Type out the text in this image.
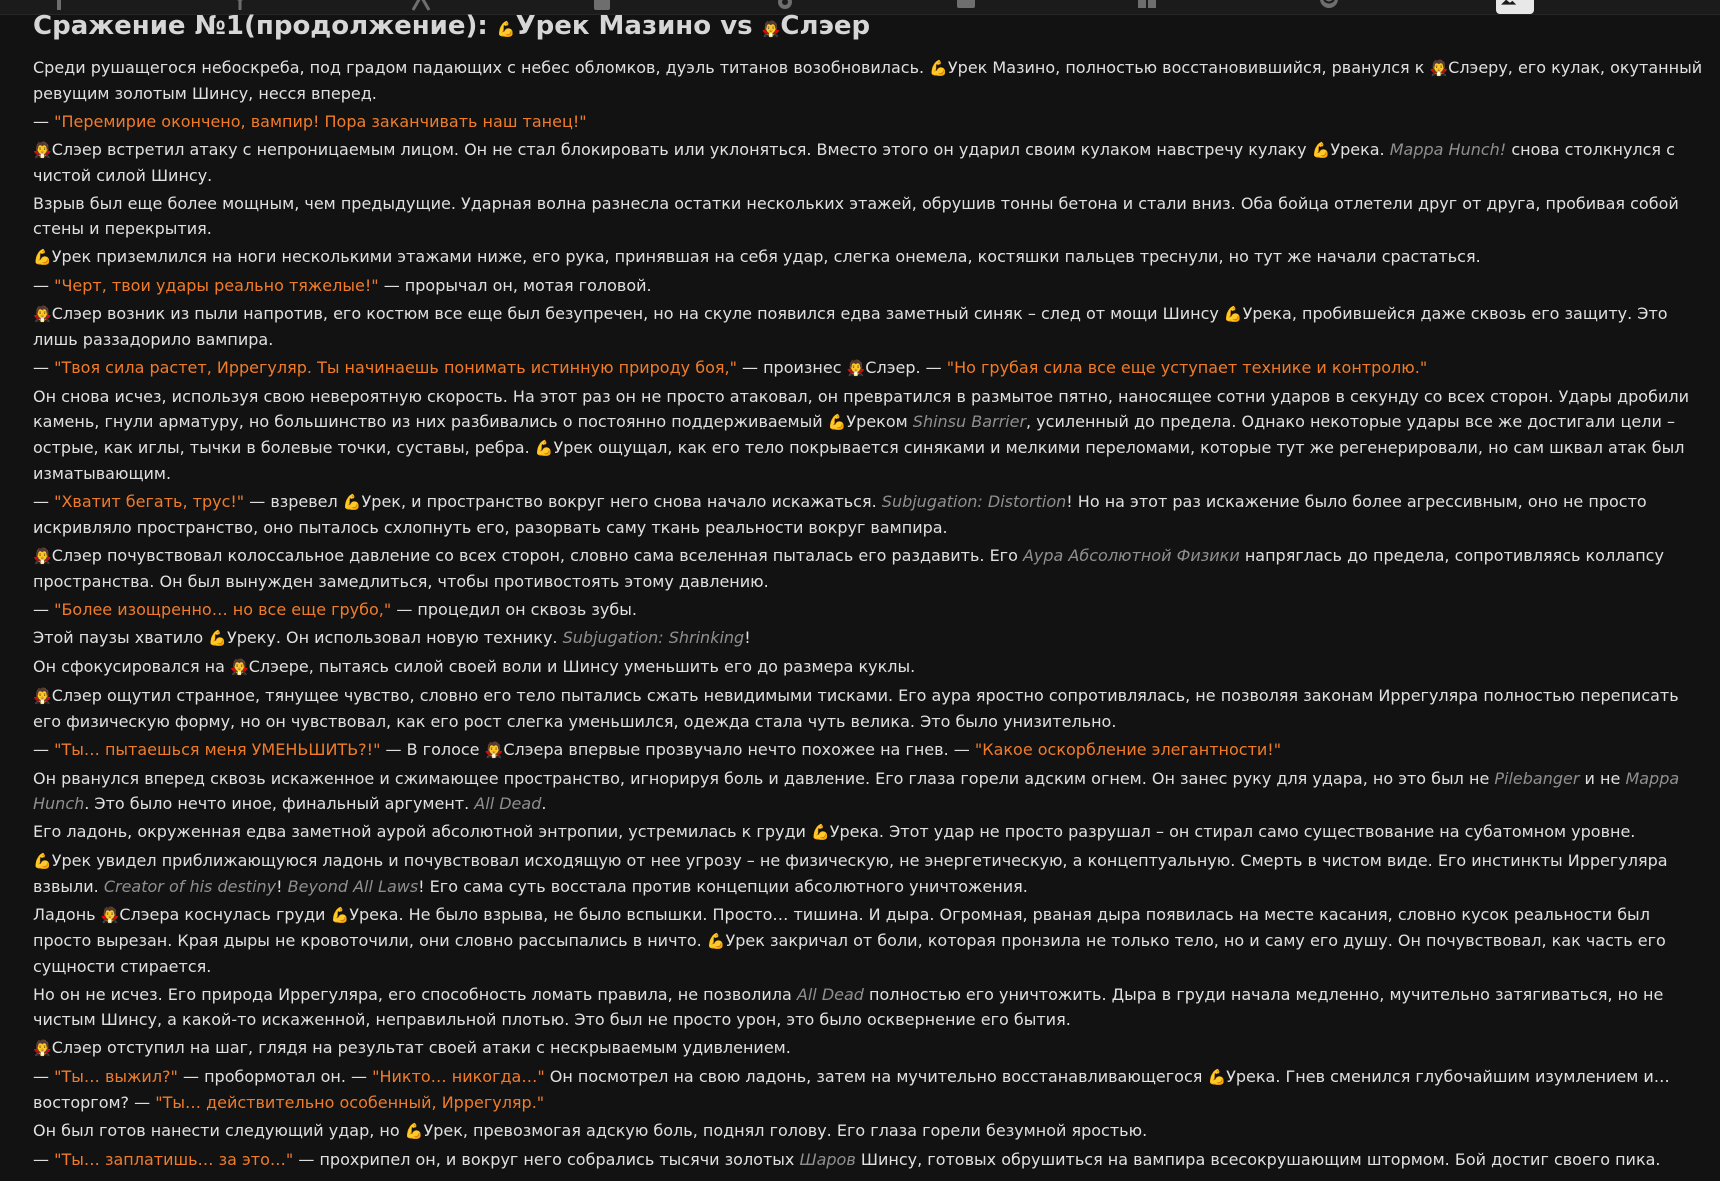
Сражение №1(продолжение): 💪Урек Мазино vs 🧛Слэер

Среди рушащегося небоскреба, под градом падающих с небес обломков, дуэль титанов возобновилась. 💪Урек Мазино, полностью восстановившийся, рванулся к 🧛Слэеру, его кулак, окутанный ревущим золотым Шинсу, несся вперед.

— "Перемирие окончено, вампир! Пора заканчивать наш танец!"

🧛Слэер встретил атаку с непроницаемым лицом. Он не стал блокировать или уклоняться. Вместо этого он ударил своим кулаком навстречу кулаку 💪Урека. Mappa Hunch! снова столкнулся с чистой силой Шинсу.

Взрыв был еще более мощным, чем предыдущие. Ударная волна разнесла остатки нескольких этажей, обрушив тонны бетона и стали вниз. Оба бойца отлетели друг от друга, пробивая собой стены и перекрытия.

💪Урек приземлился на ноги несколькими этажами ниже, его рука, принявшая на себя удар, слегка онемела, костяшки пальцев треснули, но тут же начали срастаться.

— "Черт, твои удары реально тяжелые!" — прорычал он, мотая головой.

🧛Слэер возник из пыли напротив, его костюм все еще был безупречен, но на скуле появился едва заметный синяк – след от мощи Шинсу 💪Урека, пробившейся даже сквозь его защиту. Это лишь раззадорило вампира.

— "Твоя сила растет, Иррегуляр. Ты начинаешь понимать истинную природу боя," — произнес 🧛Слэер. — "Но грубая сила все еще уступает технике и контролю."

Он снова исчез, используя свою невероятную скорость. На этот раз он не просто атаковал, он превратился в размытое пятно, наносящее сотни ударов в секунду со всех сторон. Удары дробили камень, гнули арматуру, но большинство из них разбивались о постоянно поддерживаемый 💪Уреком Shinsu Barrier, усиленный до предела. Однако некоторые удары все же достигали цели – острые, как иглы, тычки в болевые точки, суставы, ребра. 💪Урек ощущал, как его тело покрывается синяками и мелкими переломами, которые тут же регенерировали, но сам шквал атак был изматывающим.

— "Хватит бегать, трус!" — взревел 💪Урек, и пространство вокруг него снова начало искажаться. Subjugation: Distortion! Но на этот раз искажение было более агрессивным, оно не просто искривляло пространство, оно пыталось схлопнуть его, разорвать саму ткань реальности вокруг вампира.

🧛Слэер почувствовал колоссальное давление со всех сторон, словно сама вселенная пыталась его раздавить. Его Аура Абсолютной Физики напряглась до предела, сопротивляясь коллапсу пространства. Он был вынужден замедлиться, чтобы противостоять этому давлению.

— "Более изощренно… но все еще грубо," — процедил он сквозь зубы.

Этой паузы хватило 💪Уреку. Он использовал новую технику. Subjugation: Shrinking!

Он сфокусировался на 🧛Слэере, пытаясь силой своей воли и Шинсу уменьшить его до размера куклы.

🧛Слэер ощутил странное, тянущее чувство, словно его тело пытались сжать невидимыми тисками. Его аура яростно сопротивлялась, не позволяя законам Иррегуляра полностью переписать его физическую форму, но он чувствовал, как его рост слегка уменьшился, одежда стала чуть велика. Это было унизительно.

— "Ты… пытаешься меня УМЕНЬШИТЬ?!" — В голосе 🧛Слэера впервые прозвучало нечто похожее на гнев. — "Какое оскорбление элегантности!"

Он рванулся вперед сквозь искаженное и сжимающее пространство, игнорируя боль и давление. Его глаза горели адским огнем. Он занес руку для удара, но это был не Pilebanger и не Mappa Hunch. Это было нечто иное, финальный аргумент. All Dead.

Его ладонь, окруженная едва заметной аурой абсолютной энтропии, устремилась к груди 💪Урека. Этот удар не просто разрушал – он стирал само существование на субатомном уровне.

💪Урек увидел приближающуюся ладонь и почувствовал исходящую от нее угрозу – не физическую, не энергетическую, а концептуальную. Смерть в чистом виде. Его инстинкты Иррегуляра взвыли. Creator of his destiny! Beyond All Laws! Его сама суть восстала против концепции абсолютного уничтожения.

Ладонь 🧛Слэера коснулась груди 💪Урека. Не было взрыва, не было вспышки. Просто… тишина. И дыра. Огромная, рваная дыра появилась на месте касания, словно кусок реальности был просто вырезан. Края дыры не кровоточили, они словно рассыпались в ничто. 💪Урек закричал от боли, которая пронзила не только тело, но и саму его душу. Он почувствовал, как часть его сущности стирается.

Но он не исчез. Его природа Иррегуляра, его способность ломать правила, не позволила All Dead полностью его уничтожить. Дыра в груди начала медленно, мучительно затягиваться, но не чистым Шинсу, а какой-то искаженной, неправильной плотью. Это был не просто урон, это было осквернение его бытия.

🧛Слэер отступил на шаг, глядя на результат своей атаки с нескрываемым удивлением.

— "Ты… выжил?" — пробормотал он. — "Никто… никогда…" Он посмотрел на свою ладонь, затем на мучительно восстанавливающегося 💪Урека. Гнев сменился глубочайшим изумлением и… восторгом? — "Ты… действительно особенный, Иррегуляр."

Он был готов нанести следующий удар, но 💪Урек, превозмогая адскую боль, поднял голову. Его глаза горели безумной яростью.

— "Ты… заплатишь… за это…" — прохрипел он, и вокруг него собрались тысячи золотых Шаров Шинсу, готовых обрушиться на вампира всесокрушающим штормом. Бой достиг своего пика.
